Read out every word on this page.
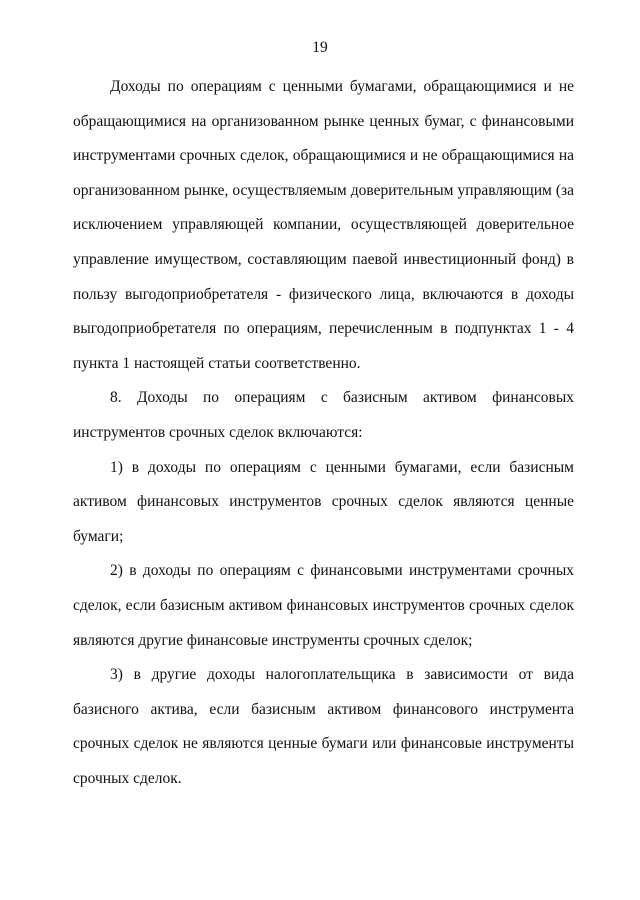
19

Доходы по операциям с ценными бумагами, обращающимися и не обращающимися на организованном рынке ценных бумаг, с финансовыми инструментами срочных сделок, обращающимися и не обращающимися на организованном рынке, осуществляемым доверительным управляющим (за исключением управляющей компании, осуществляющей доверительное управление имуществом, составляющим паевой инвестиционный фонд) в пользу выгодоприобретателя - физического лица, включаются в доходы выгодоприобретателя по операциям, перечисленным в подпунктах 1 - 4 пункта 1 настоящей статьи соответственно.

8. Доходы по операциям с базисным активом финансовых инструментов срочных сделок включаются:

1) в доходы по операциям с ценными бумагами, если базисным активом финансовых инструментов срочных сделок являются ценные бумаги;

2) в доходы по операциям с финансовыми инструментами срочных сделок, если базисным активом финансовых инструментов срочных сделок являются другие финансовые инструменты срочных сделок;

3) в другие доходы налогоплательщика в зависимости от вида базисного актива, если базисным активом финансового инструмента срочных сделок не являются ценные бумаги или финансовые инструменты срочных сделок.
